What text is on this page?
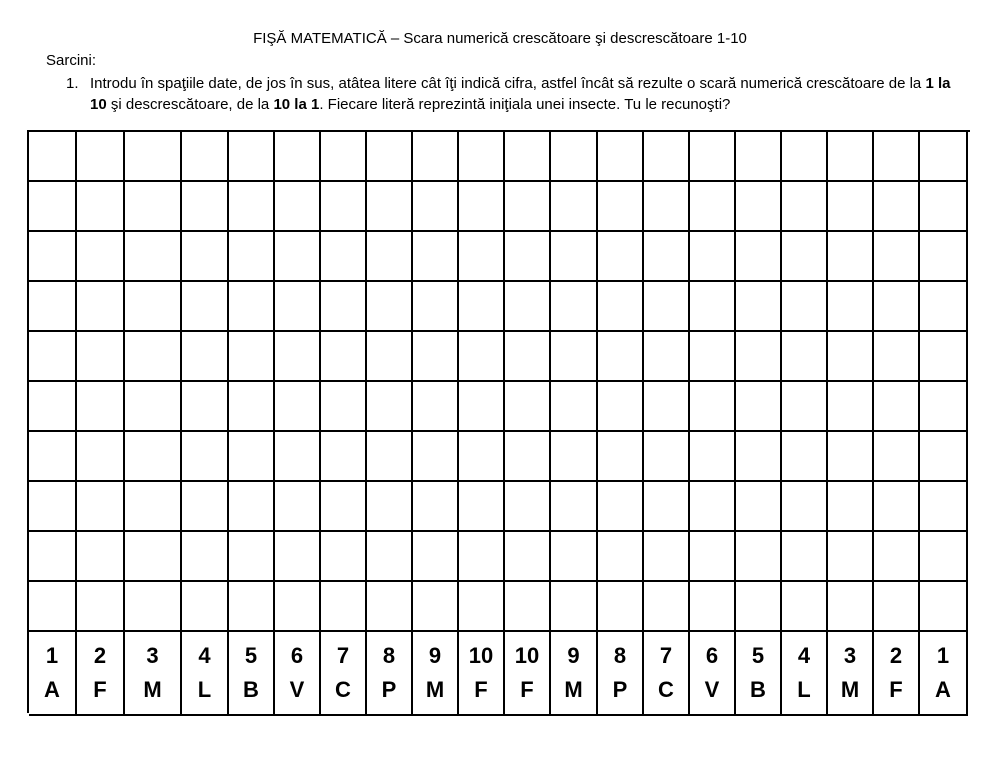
FIŞĂ MATEMATICĂ – Scara numerică crescătoare şi descrescătoare 1-10
Sarcini:
1. Introdu în spaţiile date, de jos în sus, atâtea litere cât îţi indică cifra, astfel încât să rezulte o scară numerică crescătoare de la 1 la 10 şi descrescătoare, de la 10 la 1. Fiecare literă reprezintă iniţiala unei insecte. Tu le recunoşti?
1
A
2
F
3
M
4
L
5
B
6
V
7
C
8
P
9
M
10
F
10
F
9
M
8
P
7
C
6
V
5
B
4
L
3
M
2
F
1
A
